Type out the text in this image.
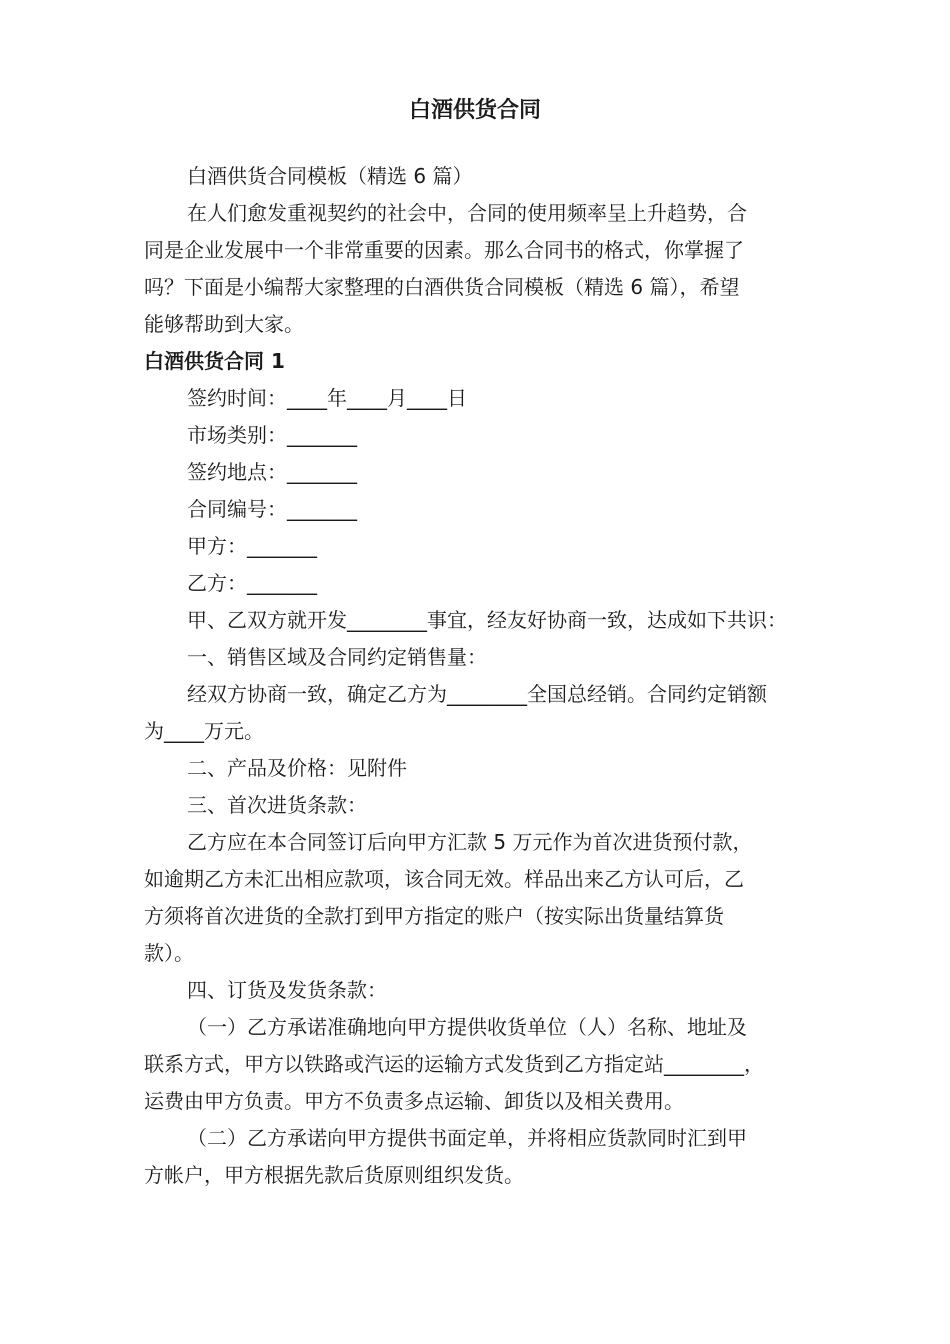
白酒供货合同

白酒供货合同模板（精选 6 篇）

在人们愈发重视契约的社会中，合同的使用频率呈上升趋势，合

同是企业发展中一个非常重要的因素。那么合同书的格式，你掌握了

吗？下面是小编帮大家整理的白酒供货合同模板（精选 6 篇），希望

能够帮助到大家。

白酒供货合同 1

签约时间：____年____月____日

市场类别：_______

签约地点：_______

合同编号：_______

甲方：_______

乙方：_______

甲、乙双方就开发________事宜，经友好协商一致，达成如下共识：

一、销售区域及合同约定销售量：

经双方协商一致，确定乙方为________全国总经销。合同约定销额

为____万元。

二、产品及价格：见附件

三、首次进货条款：

乙方应在本合同签订后向甲方汇款 5 万元作为首次进货预付款，

如逾期乙方未汇出相应款项，该合同无效。样品出来乙方认可后，乙

方须将首次进货的全款打到甲方指定的账户（按实际出货量结算货

款）。

四、订货及发货条款：

（一）乙方承诺准确地向甲方提供收货单位（人）名称、地址及

联系方式，甲方以铁路或汽运的运输方式发货到乙方指定站________，

运费由甲方负责。甲方不负责多点运输、卸货以及相关费用。

（二）乙方承诺向甲方提供书面定单，并将相应货款同时汇到甲

方帐户，甲方根据先款后货原则组织发货。
